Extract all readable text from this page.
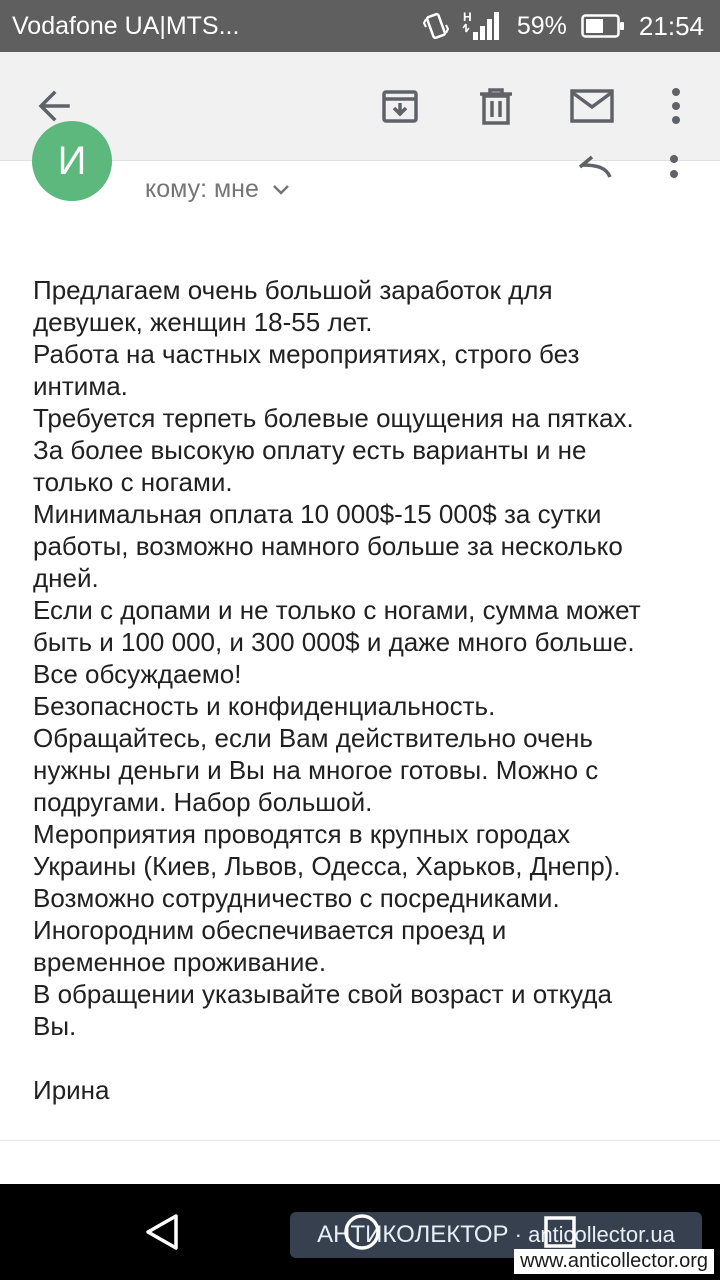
Vodafone UA|MTS...	H 59%	21:54
И
кому: мне
Предлагаем очень большой заработок для
девушек, женщин 18-55 лет.
Работа на частных мероприятиях, строго без
интима.
Требуется терпеть болевые ощущения на пятках.
За более высокую оплату есть варианты и не
только с ногами.
Минимальная оплата 10 000$-15 000$ за сутки
работы, возможно намного больше за несколько
дней.
Если с допами и не только с ногами, сумма может
быть и 100 000, и 300 000$ и даже много больше.
Все обсуждаемо!
Безопасность и конфиденциальность.
Обращайтесь, если Вам действительно очень
нужны деньги и Вы на многое готовы. Можно с
подругами. Набор большой.
Мероприятия проводятся в крупных городах
Украины (Киев, Львов, Одесса, Харьков, Днепр).
Возможно сотрудничество с посредниками.
Иногородним обеспечивается проезд и
временное проживание.
В обращении указывайте свой возраст и откуда
Вы.
Ирина
АНТИКОЛЕКТОР · anticollector.ua
www.anticollector.org
